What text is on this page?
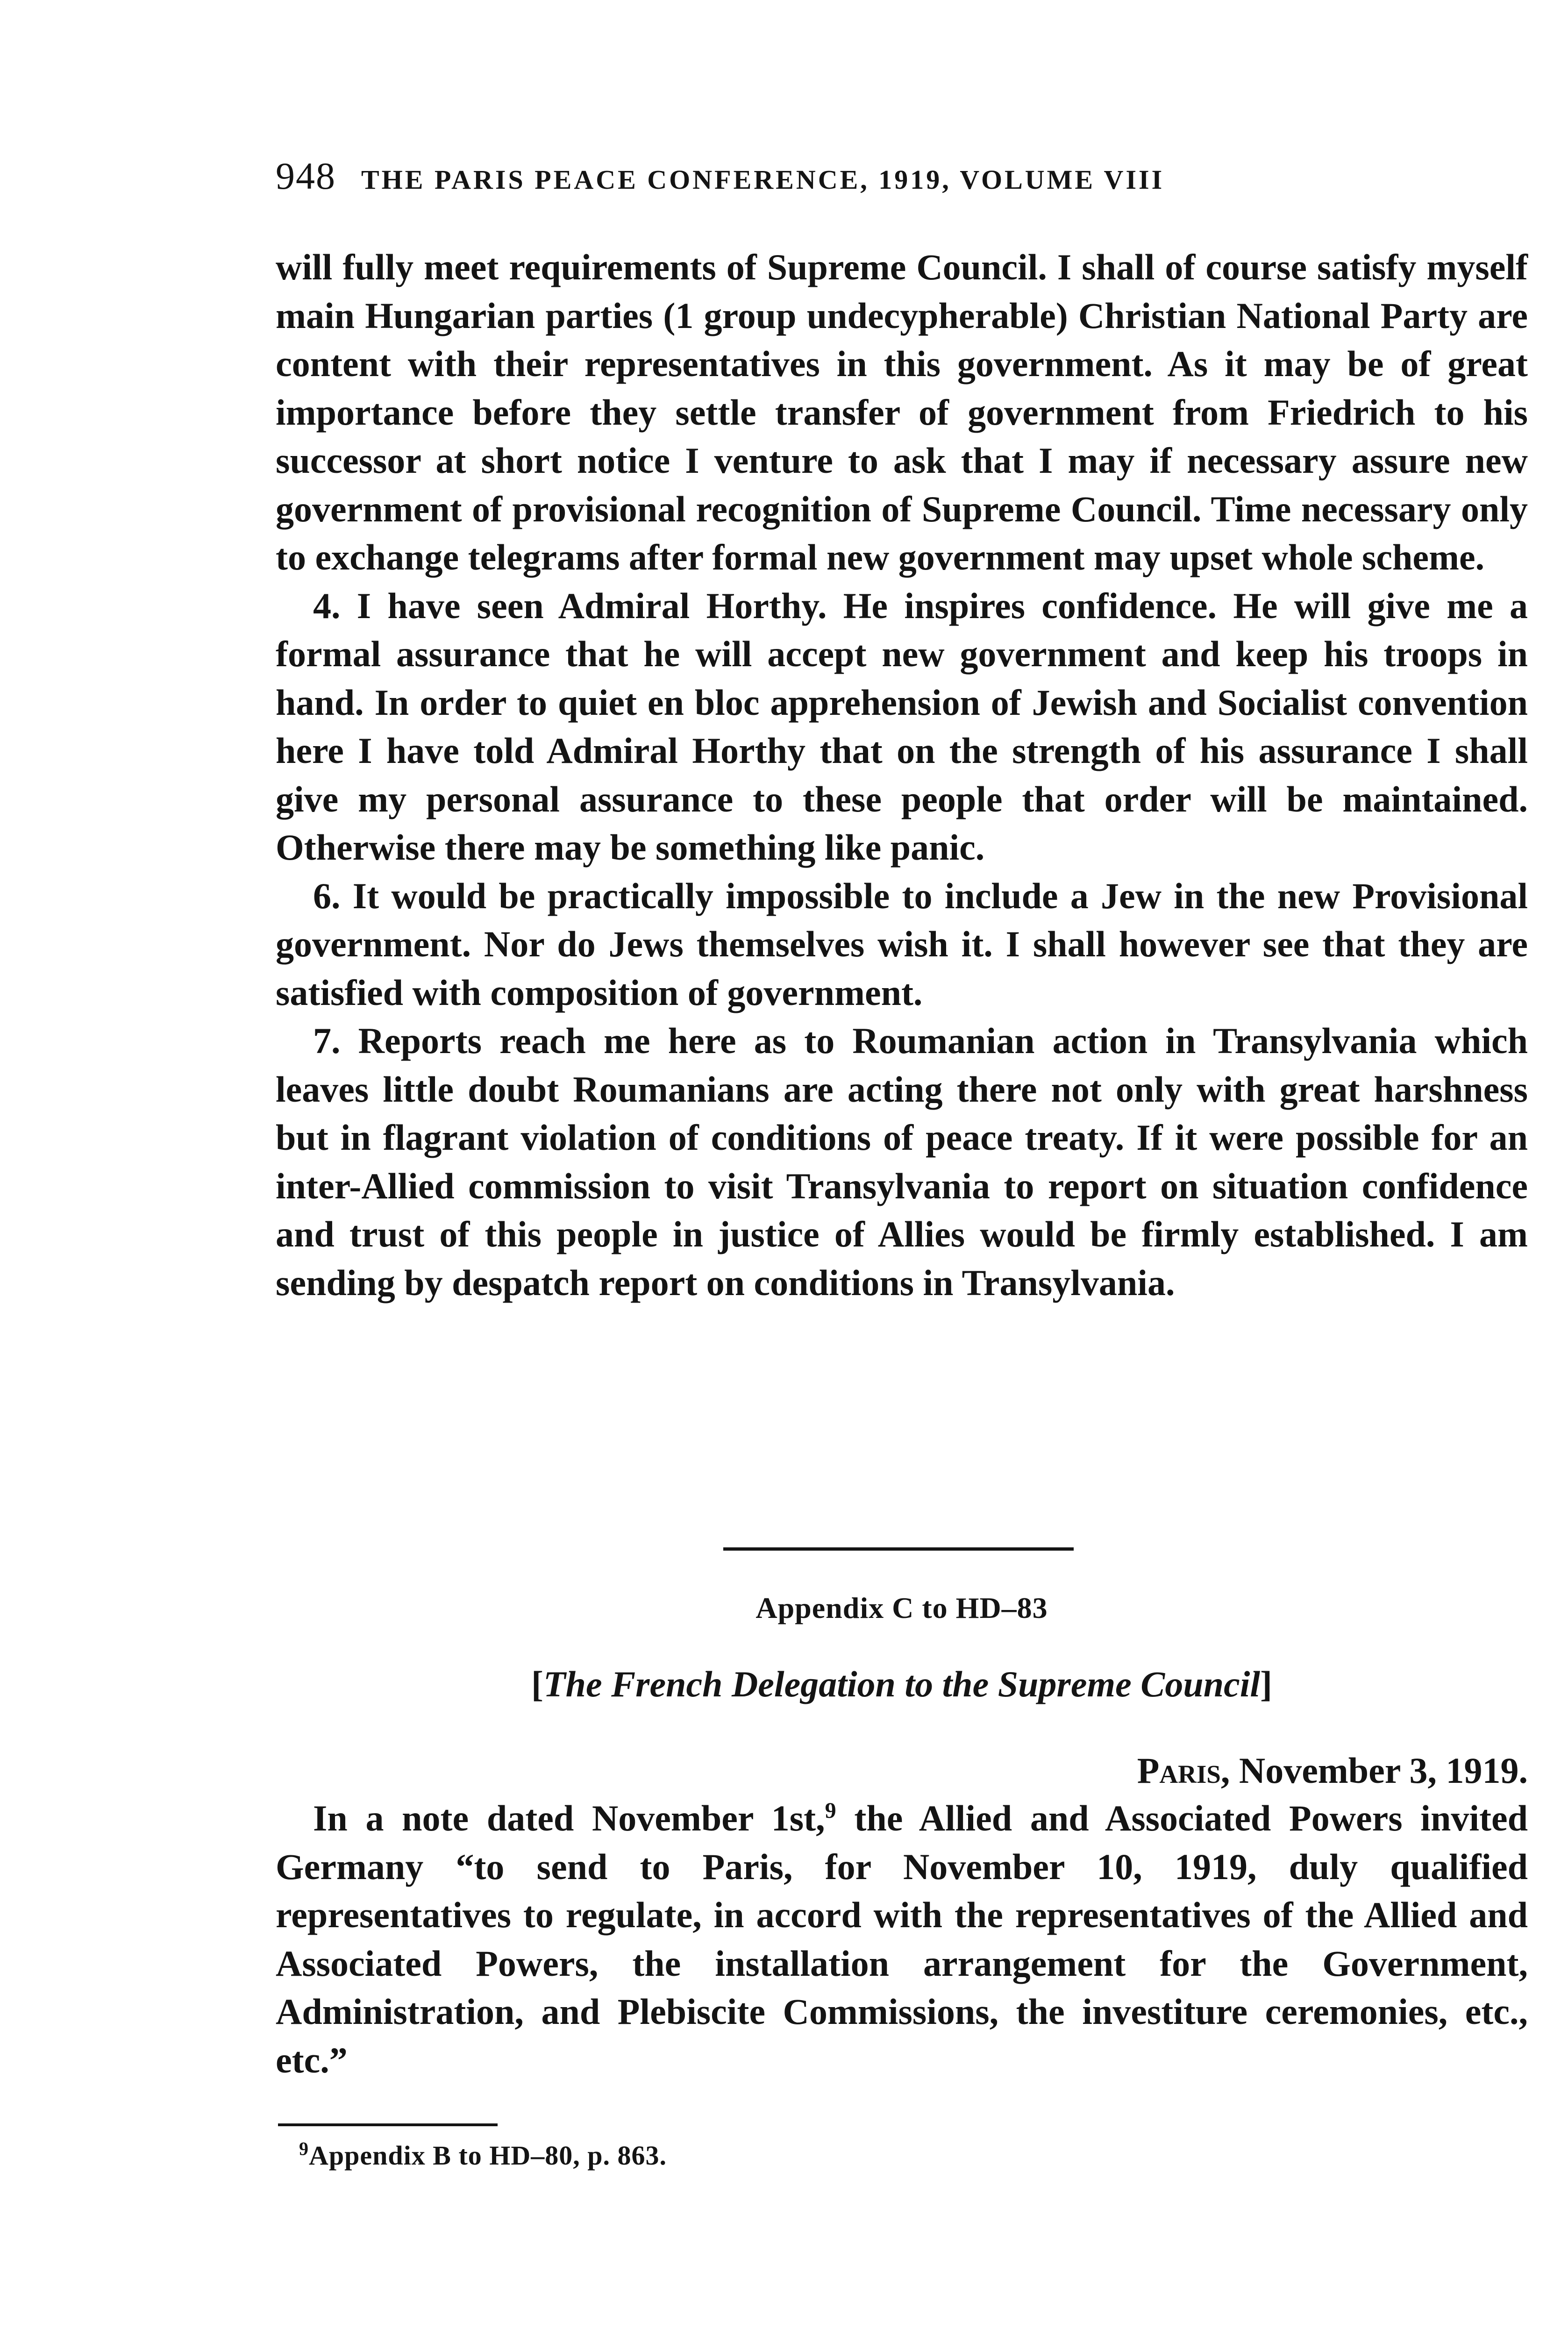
948 THE PARIS PEACE CONFERENCE, 1919, VOLUME VIII

will fully meet requirements of Supreme Council. I shall of course satisfy myself main Hungarian parties (1 group undecypherable) Christian National Party are content with their representatives in this government. As it may be of great importance before they settle transfer of government from Friedrich to his successor at short notice I venture to ask that I may if necessary assure new government of provisional recognition of Supreme Council. Time necessary only to exchange telegrams after formal new government may upset whole scheme.

4. I have seen Admiral Horthy. He inspires confidence. He will give me a formal assurance that he will accept new government and keep his troops in hand. In order to quiet en bloc apprehension of Jewish and Socialist convention here I have told Admiral Horthy that on the strength of his assurance I shall give my personal assurance to these people that order will be maintained. Otherwise there may be something like panic.

6. It would be practically impossible to include a Jew in the new Provisional government. Nor do Jews themselves wish it. I shall however see that they are satisfied with composition of government.

7. Reports reach me here as to Roumanian action in Transylvania which leaves little doubt Roumanians are acting there not only with great harshness but in flagrant violation of conditions of peace treaty. If it were possible for an inter-Allied commission to visit Transylvania to report on situation confidence and trust of this people in justice of Allies would be firmly established. I am sending by despatch report on conditions in Transylvania.

Appendix C to HD–83
[The French Delegation to the Supreme Council]
Paris, November 3, 1919.

In a note dated November 1st,$^9$ the Allied and Associated Powers invited Germany “to send to Paris, for November 10, 1919, duly qualified representatives to regulate, in accord with the representatives of the Allied and Associated Powers, the installation arrangement for the Government, Administration, and Plebiscite Commissions, the investiture ceremonies, etc., etc.”

$^9$Appendix B to HD–80, p. 863.
